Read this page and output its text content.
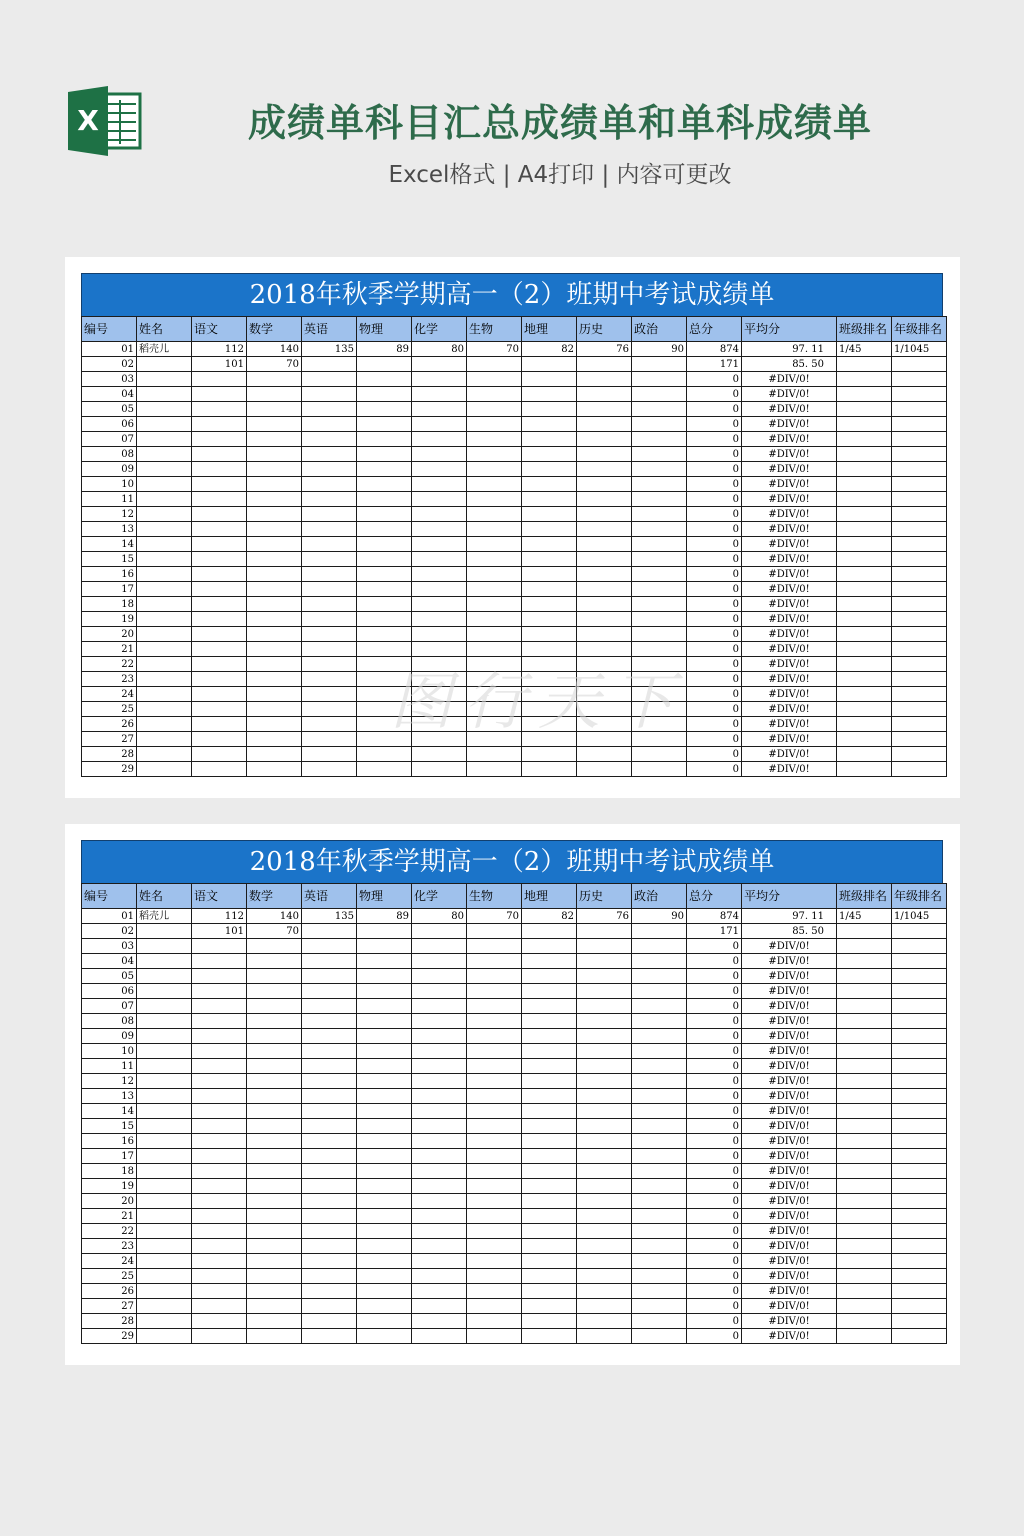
X	成绩单科目汇总成绩单和单科成绩单
Excel格式 | A4打印 | 内容可更改
2018年秋季学期高一（2）班期中考试成绩单
编号	姓名	语文	数学	英语	物理	化学	生物	地理	历史	政治	总分	平均分	班级排名	年级排名
01	稻壳儿	112	140	135	89	80	70	82	76	90	874	97. 11	1/45	1/1045
02		101	70								171	85. 50		
03											0	#DIV/0!		
04											0	#DIV/0!		
05											0	#DIV/0!		
06											0	#DIV/0!		
07											0	#DIV/0!		
08											0	#DIV/0!		
09											0	#DIV/0!		
10											0	#DIV/0!		
11											0	#DIV/0!		
12											0	#DIV/0!		
13											0	#DIV/0!		
14											0	#DIV/0!		
15											0	#DIV/0!		
16											0	#DIV/0!		
17											0	#DIV/0!		
18											0	#DIV/0!		
19											0	#DIV/0!		
20											0	#DIV/0!		
21											0	#DIV/0!		
22											0	#DIV/0!		
23											0	#DIV/0!		
24											0	#DIV/0!		
25											0	#DIV/0!		
26											0	#DIV/0!		
27											0	#DIV/0!		
28											0	#DIV/0!		
29											0	#DIV/0!		
2018年秋季学期高一（2）班期中考试成绩单
编号	姓名	语文	数学	英语	物理	化学	生物	地理	历史	政治	总分	平均分	班级排名	年级排名
01	稻壳儿	112	140	135	89	80	70	82	76	90	874	97. 11	1/45	1/1045
02		101	70								171	85. 50		
03											0	#DIV/0!		
04											0	#DIV/0!		
05											0	#DIV/0!		
06											0	#DIV/0!		
07											0	#DIV/0!		
08											0	#DIV/0!		
09											0	#DIV/0!		
10											0	#DIV/0!		
11											0	#DIV/0!		
12											0	#DIV/0!		
13											0	#DIV/0!		
14											0	#DIV/0!		
15											0	#DIV/0!		
16											0	#DIV/0!		
17											0	#DIV/0!		
18											0	#DIV/0!		
19											0	#DIV/0!		
20											0	#DIV/0!		
21											0	#DIV/0!		
22											0	#DIV/0!		
23											0	#DIV/0!		
24											0	#DIV/0!		
25											0	#DIV/0!		
26											0	#DIV/0!		
27											0	#DIV/0!		
28											0	#DIV/0!		
29											0	#DIV/0!		
图行天下
